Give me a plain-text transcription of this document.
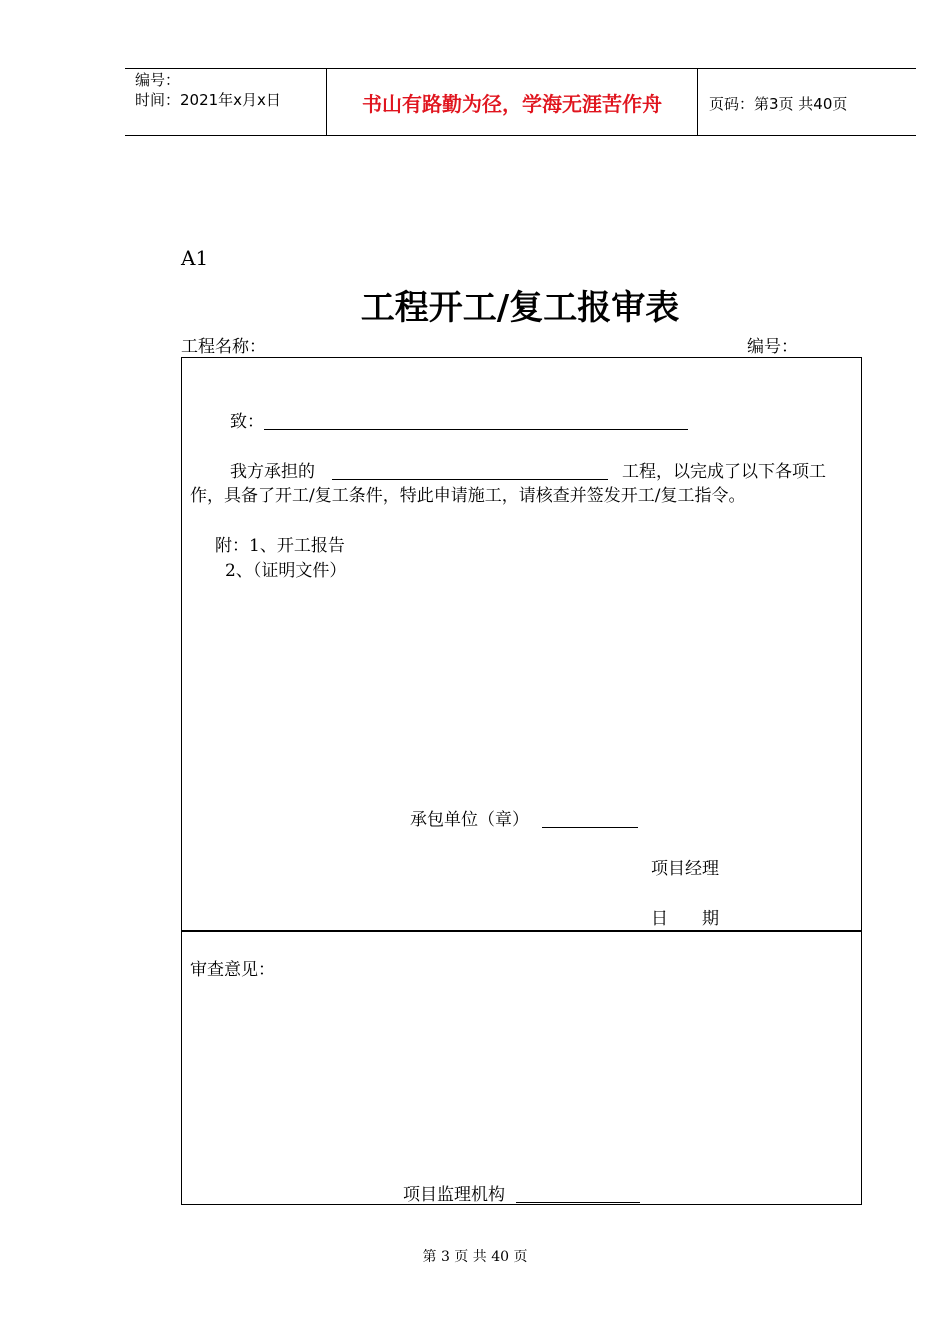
编号：
时间：2021年x月x日	书山有路勤为径，学海无涯苦作舟	页码：第3页 共40页
A1
工程开工/复工报审表
工程名称：	编号：
致：
我方承担的	工程，以完成了以下各项工
作，具备了开工/复工条件，特此申请施工，请核查并签发开工/复工指令。
附：1、开工报告
2、（证明文件）
承包单位（章）
项目经理
日　　期
审查意见：
项目监理机构
第 3 页 共 40 页
